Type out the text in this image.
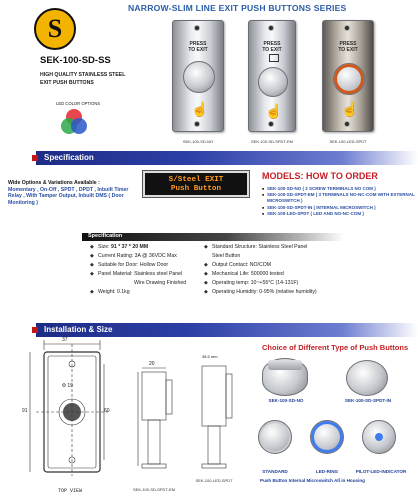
S
NARROW-SLIM LINE EXIT PUSH BUTTONS SERIES
SEK-100-SD-SS
HIGH QUALITY STAINLESS STEEL
EXIT PUSH BUTTONS
LED COLOR OPTIONS
PRESS
TO EXIT
☝
PRESS
TO EXIT
☝
PRESS
TO EXIT
☝
SEK-100-SD-NO	SEK-100-SD-SPDT-EM	SEK-100-LED-SPDT
Specification
Wide Options & Variations Available :
Momentary , On-Off , SPDT , DPDT , Inbuilt Timer Relay , With Tamper Output, Inbuilt DMS ( Door Monitoring )
S/Steel EXIT
Push Button
MODELS: HOW TO ORDER
■ SEK-100-SD-NO ( 2 SCREW TERMINALS NO COM )
■ SEK-100-SD-SPDT-EM ( 3 TERMINALS NO-NC-COM WITH EXTERNAL MICROSWITCH )
■ SEK-100-SD-SPDT-IN ( INTERNAL MICROSWITCH )
■ SEK-100-LED-SPDT ( LED AND NO-NC-COM )
Specification
◆ Size: 91 * 37 * 20 MM
◆ Current Rating: 3A @ 36VDC Max
◆ Suitable for Door: Hollow Door
◆ Panel Material: Stainless steel Panel
Wire Drawing Finished
◆ Weight: 0.1kg
◆ Standard Structure: Stainless Steel Panel
Steel Button
◆ Output Contact: NO/COM
◆ Mechanical Life: 500000 tested
◆ Operating temp: 10~+55°C (14-131F)
◆ Operating Humidity: 0-95% (relative humidity)
Installation & Size
37
Φ 19
91	60
TOP VIEW
20
38.5 mm
SEK-100-SD-SPDT-EM
SEK-100-LED-SPDT
Choice of Different Type of Push Buttons
SEK-100-SD-NO	SEK-100-SD-SPDT-IN
STANDARD	LED-RING	PILOT-LED-INDICATOR
Push Button Internal Microswitch All in Housing
